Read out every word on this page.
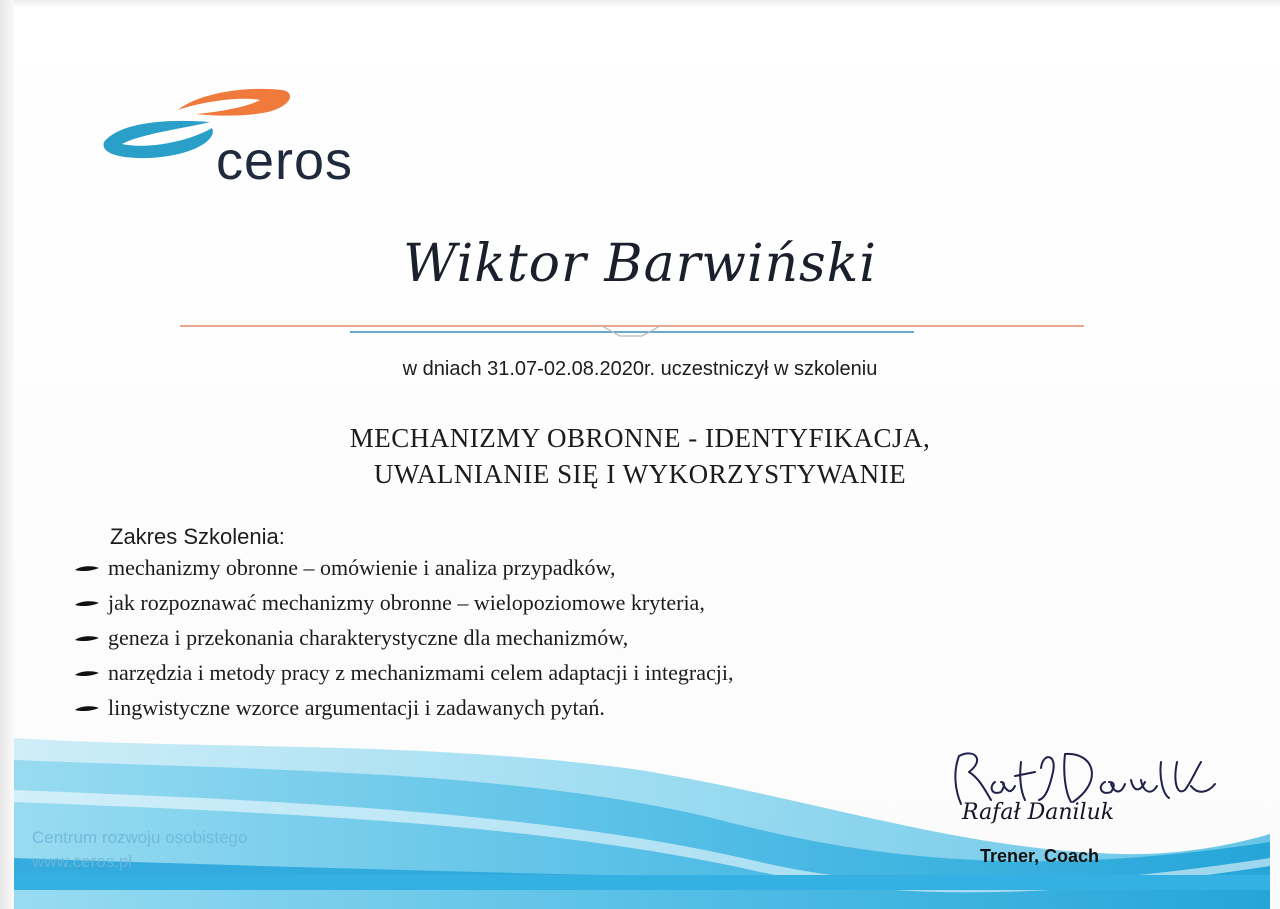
ceros
Wiktor Barwiński
w dniach 31.07-02.08.2020r. uczestniczył w szkoleniu
MECHANIZMY OBRONNE - IDENTYFIKACJA,
UWALNIANIE SIĘ I WYKORZYSTYWANIE
Zakres Szkolenia:
mechanizmy obronne – omówienie i analiza przypadków,
jak rozpoznawać mechanizmy obronne – wielopoziomowe kryteria,
geneza i przekonania charakterystyczne dla mechanizmów,
narzędzia i metody pracy z mechanizmami celem adaptacji i integracji,
lingwistyczne wzorce argumentacji i zadawanych pytań.
Centrum rozwoju osobistego
www.ceros.pl
Rafał Daniluk
Trener, Coach
